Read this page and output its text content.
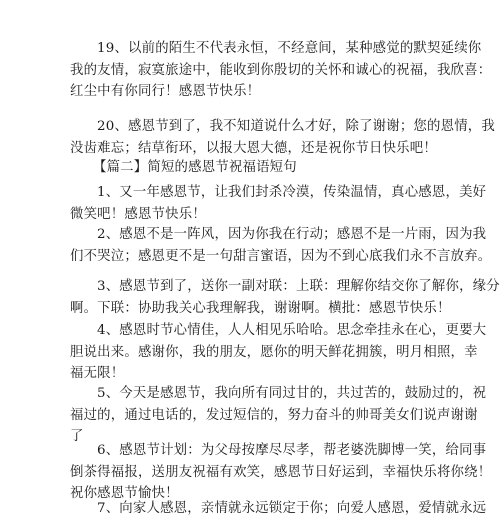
19、以前的陌生不代表永恒，不经意间，某种感觉的默契延续你
我的友情，寂寞旅途中，能收到你殷切的关怀和诚心的祝福，我欣喜：
红尘中有你同行！感恩节快乐！

20、感恩节到了，我不知道说什么才好，除了谢谢；您的恩情，我
没齿难忘；结草衔环，以报大恩大德，还是祝你节日快乐吧！

【篇二】简短的感恩节祝福语短句

1、又一年感恩节，让我们封杀冷漠，传染温情，真心感恩，美好
微笑吧！感恩节快乐！

2、感恩不是一阵风，因为你我在行动；感恩不是一片雨，因为我
们不哭泣；感恩更不是一句甜言蜜语，因为不到心底我们永不言放弃。

3、感恩节到了，送你一副对联：上联：理解你结交你了解你，缘分
啊。下联：协助我关心我理解我，谢谢啊。横批：感恩节快乐！

4、感恩时节心情佳，人人相见乐哈哈。思念牵挂永在心，更要大
胆说出来。感谢你，我的朋友，愿你的明天鲜花拥簇，明月相照，幸
福无限！

5、今天是感恩节，我向所有同过甘的，共过苦的，鼓励过的，祝
福过的，通过电话的，发过短信的，努力奋斗的帅哥美女们说声谢谢
了

6、感恩节计划：为父母按摩尽尽孝，帮老婆洗脚博一笑，给同事
倒茶得福报，送朋友祝福有欢笑，感恩节日好运到，幸福快乐将你绕！
祝你感恩节愉快！

7、向家人感恩，亲情就永远锁定于你；向爱人感恩，爱情就永远
